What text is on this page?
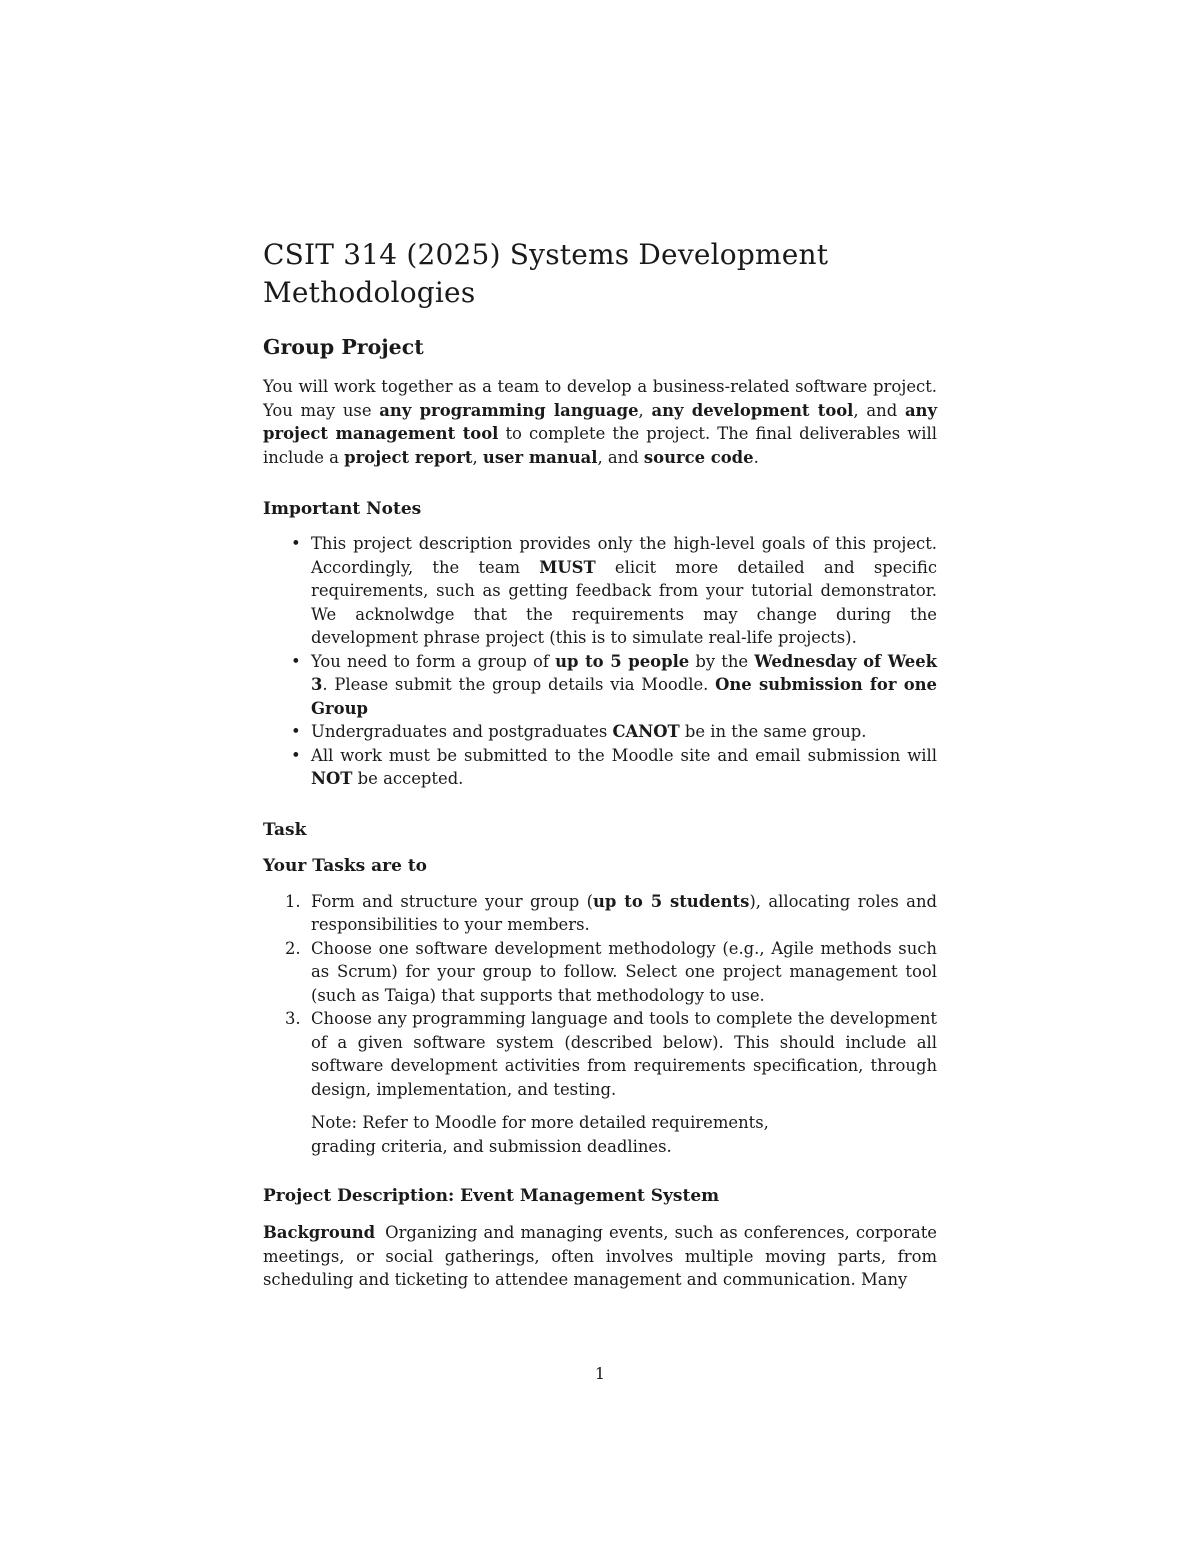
CSIT 314 (2025) Systems Development Methodologies
Group Project

You will work together as a team to develop a business-related software project. You may use any programming language, any development tool, and any project management tool to complete the project. The final deliverables will include a project report, user manual, and source code.

Important Notes
• This project description provides only the high-level goals of this project. Accordingly, the team MUST elicit more detailed and specific requirements, such as getting feedback from your tutorial demonstrator. We acknolwdge that the requirements may change during the development phrase project (this is to simulate real-life projects).
• You need to form a group of up to 5 people by the Wednesday of Week 3. Please submit the group details via Moodle. One submission for one Group
• Undergraduates and postgraduates CANOT be in the same group.
• All work must be submitted to the Moodle site and email submission will NOT be accepted.
Task
Your Tasks are to
1. Form and structure your group (up to 5 students), allocating roles and responsibilities to your members.
2. Choose one software development methodology (e.g., Agile methods such as Scrum) for your group to follow. Select one project management tool (such as Taiga) that supports that methodology to use.
3. Choose any programming language and tools to complete the development of a given software system (described below). This should include all software development activities from requirements specification, through design, implementation, and testing.

Note: Refer to Moodle for more detailed requirements, grading criteria, and submission deadlines.

Project Description: Event Management System

Background Organizing and managing events, such as conferences, corporate meetings, or social gatherings, often involves multiple moving parts, from scheduling and ticketing to attendee management and communication. Many

1
